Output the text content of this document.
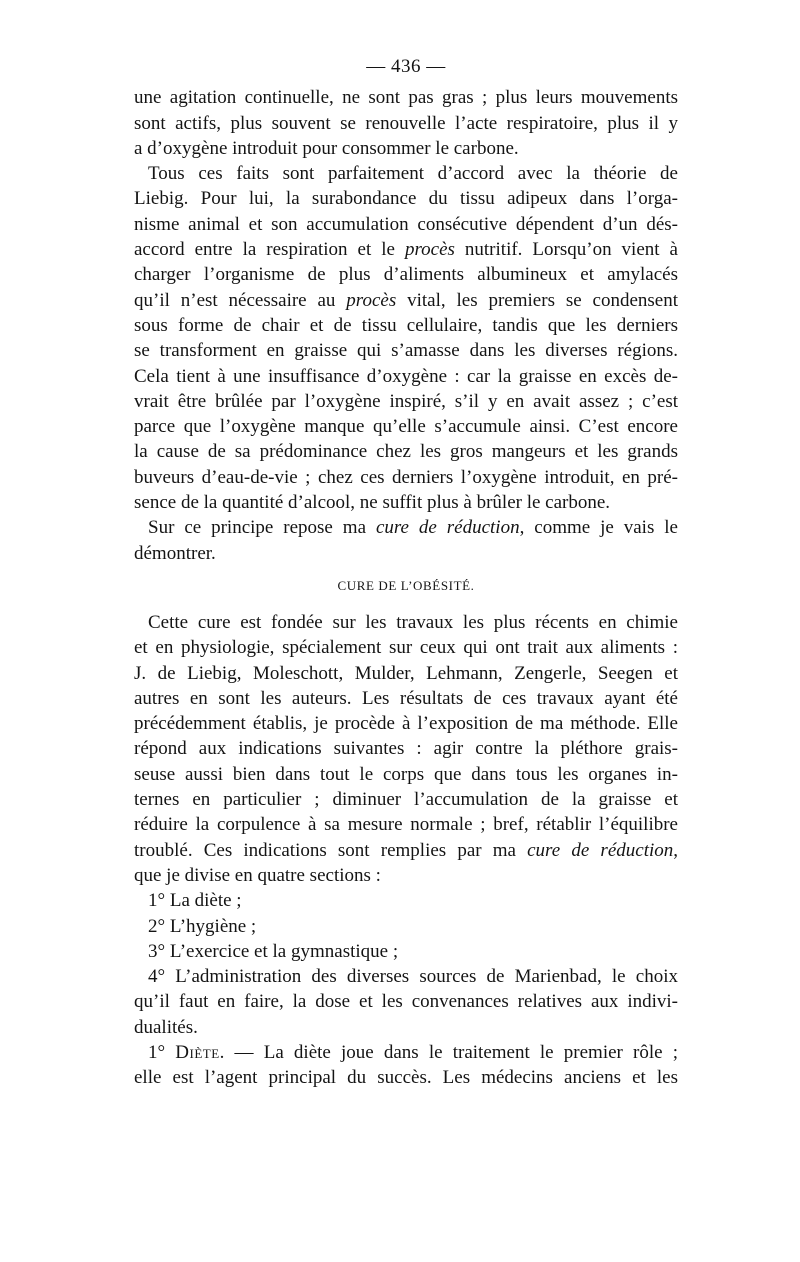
— 436 —
une agitation continuelle, ne sont pas gras ; plus leurs mouvements
sont actifs, plus souvent se renouvelle l’acte respiratoire, plus il y
a d’oxygène introduit pour consommer le carbone.
Tous ces faits sont parfaitement d’accord avec la théorie de
Liebig. Pour lui, la surabondance du tissu adipeux dans l’orga-
nisme animal et son accumulation consécutive dépendent d’un dés-
accord entre la respiration et le procès nutritif. Lorsqu’on vient à
charger l’organisme de plus d’aliments albumineux et amylacés
qu’il n’est nécessaire au procès vital, les premiers se condensent
sous forme de chair et de tissu cellulaire, tandis que les derniers
se transforment en graisse qui s’amasse dans les diverses régions.
Cela tient à une insuffisance d’oxygène : car la graisse en excès de-
vrait être brûlée par l’oxygène inspiré, s’il y en avait assez ; c’est
parce que l’oxygène manque qu’elle s’accumule ainsi. C’est encore
la cause de sa prédominance chez les gros mangeurs et les grands
buveurs d’eau-de-vie ; chez ces derniers l’oxygène introduit, en pré-
sence de la quantité d’alcool, ne suffit plus à brûler le carbone.
Sur ce principe repose ma cure de réduction, comme je vais le
démontrer.
CURE DE L’OBÉSITÉ.
Cette cure est fondée sur les travaux les plus récents en chimie
et en physiologie, spécialement sur ceux qui ont trait aux aliments :
J. de Liebig, Moleschott, Mulder, Lehmann, Zengerle, Seegen et
autres en sont les auteurs. Les résultats de ces travaux ayant été
précédemment établis, je procède à l’exposition de ma méthode. Elle
répond aux indications suivantes : agir contre la pléthore grais-
seuse aussi bien dans tout le corps que dans tous les organes in-
ternes en particulier ; diminuer l’accumulation de la graisse et
réduire la corpulence à sa mesure normale ; bref, rétablir l’équilibre
troublé. Ces indications sont remplies par ma cure de réduction,
que je divise en quatre sections :
1° La diète ;
2° L’hygiène ;
3° L’exercice et la gymnastique ;
4° L’administration des diverses sources de Marienbad, le choix
qu’il faut en faire, la dose et les convenances relatives aux indivi-
dualités.
1° Diète. — La diète joue dans le traitement le premier rôle ;
elle est l’agent principal du succès. Les médecins anciens et les
